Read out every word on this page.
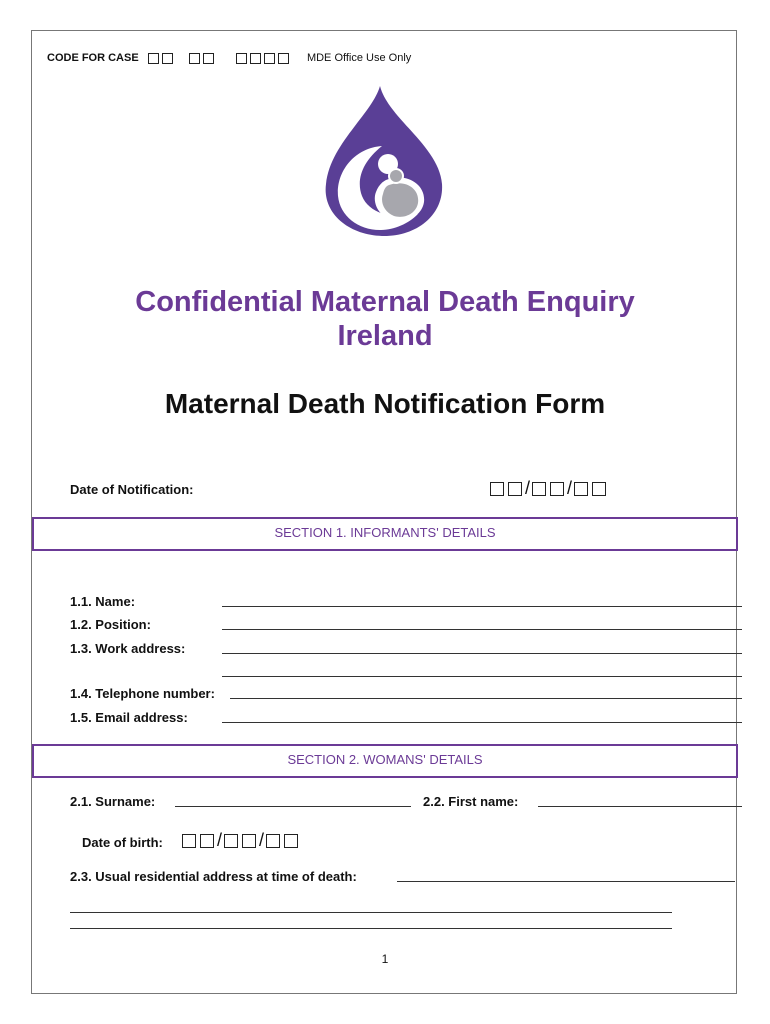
CODE FOR CASE	MDE Office Use Only
Confidential Maternal Death Enquiry
Ireland
Maternal Death Notification Form
Date of Notification:	/ /
SECTION 1. INFORMANTS' DETAILS
1.1. Name:
1.2. Position:
1.3. Work address:
1.4. Telephone number:
1.5. Email address:
SECTION 2. WOMANS' DETAILS
2.1. Surname:	2.2. First name:
Date of birth:	/ /
2.3. Usual residential address at time of death:
1
